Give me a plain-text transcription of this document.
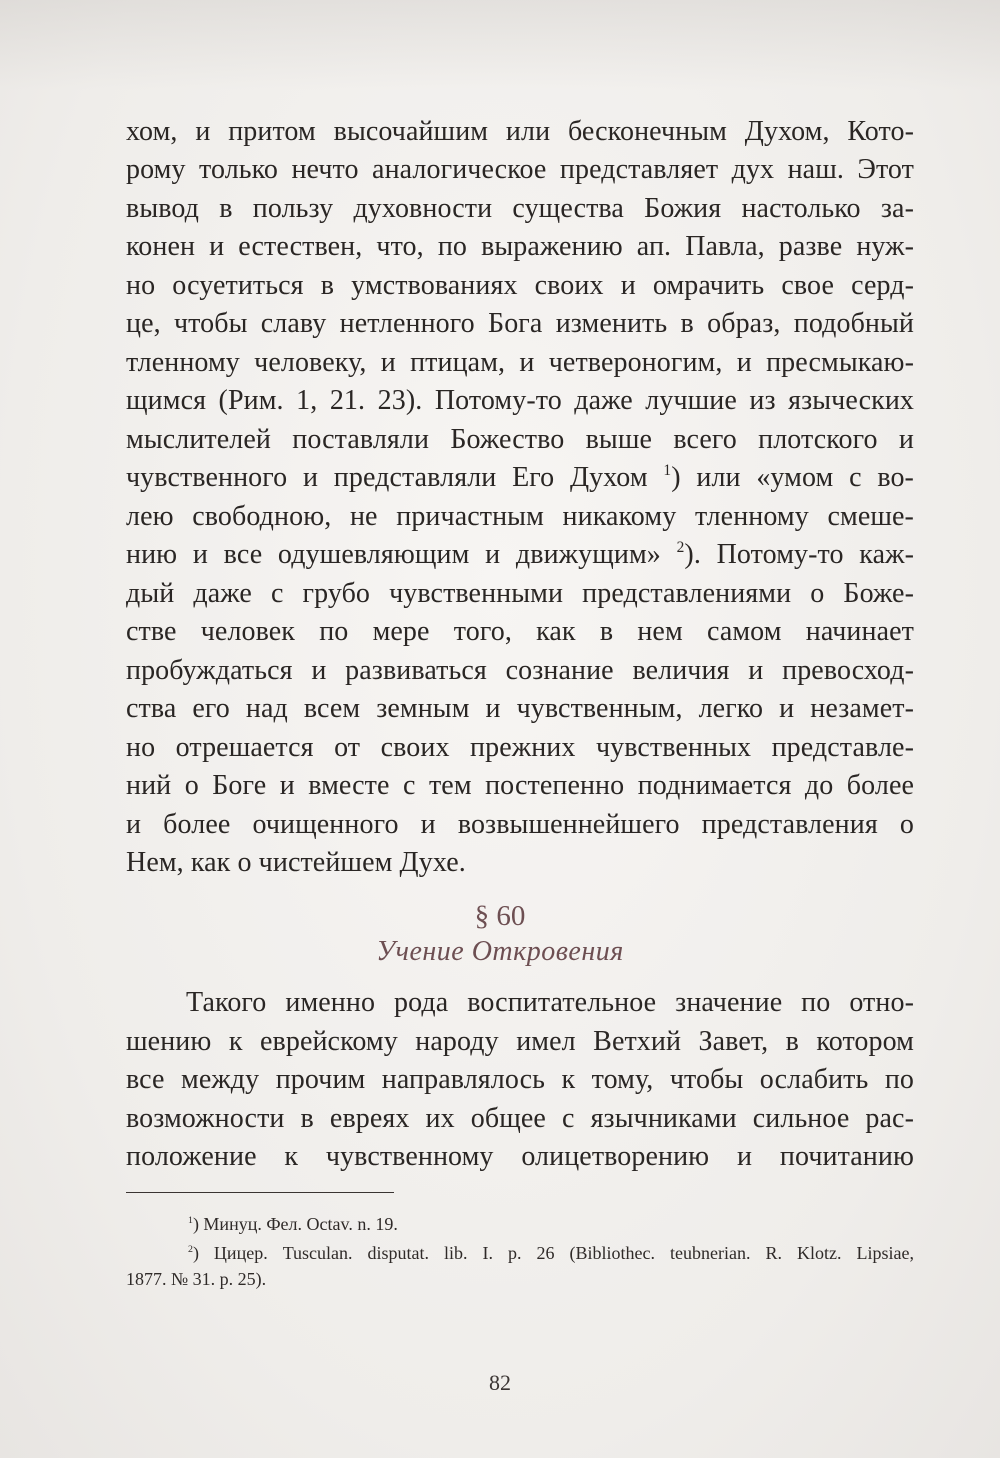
хом, и притом высочайшим или бесконечным Духом, Кото-
рому только нечто аналогическое представляет дух наш. Этот
вывод в пользу духовности существа Божия настолько за-
конен и естествен, что, по выражению ап. Павла, разве нуж-
но осуетиться в умствованиях своих и омрачить свое серд-
це, чтобы славу нетленного Бога изменить в образ, подобный
тленному человеку, и птицам, и четвероногим, и пресмыкаю-
щимся (Рим. 1, 21. 23). Потому-то даже лучшие из языческих
мыслителей поставляли Божество выше всего плотского и
чувственного и представляли Его Духом $^1$) или «умом с во-
лею свободною, не причастным никакому тленному смеше-
нию и все одушевляющим и движущим» $^2$). Потому-то каж-
дый даже с грубо чувственными представлениями о Боже-
стве человек по мере того, как в нем самом начинает
пробуждаться и развиваться сознание величия и превосход-
ства его над всем земным и чувственным, легко и незамет-
но отрешается от своих прежних чувственных представле-
ний о Боге и вместе с тем постепенно поднимается до более
и более очищенного и возвышеннейшего представления о
Нем, как о чистейшем Духе.
§ 60
Учение Откровения
Такого именно рода воспитательное значение по отно-
шению к еврейскому народу имел Ветхий Завет, в котором
все между прочим направлялось к тому, чтобы ослабить по
возможности в евреях их общее с язычниками сильное рас-
положение к чувственному олицетворению и почитанию
$^1$) Минуц. Фел. Octav. n. 19.
$^2$) Цицер. Tusculan. disputat. lib. I. p. 26 (Bibliothec. teubnerian. R. Klotz. Lipsiae,
1877. № 31. p. 25).
82
